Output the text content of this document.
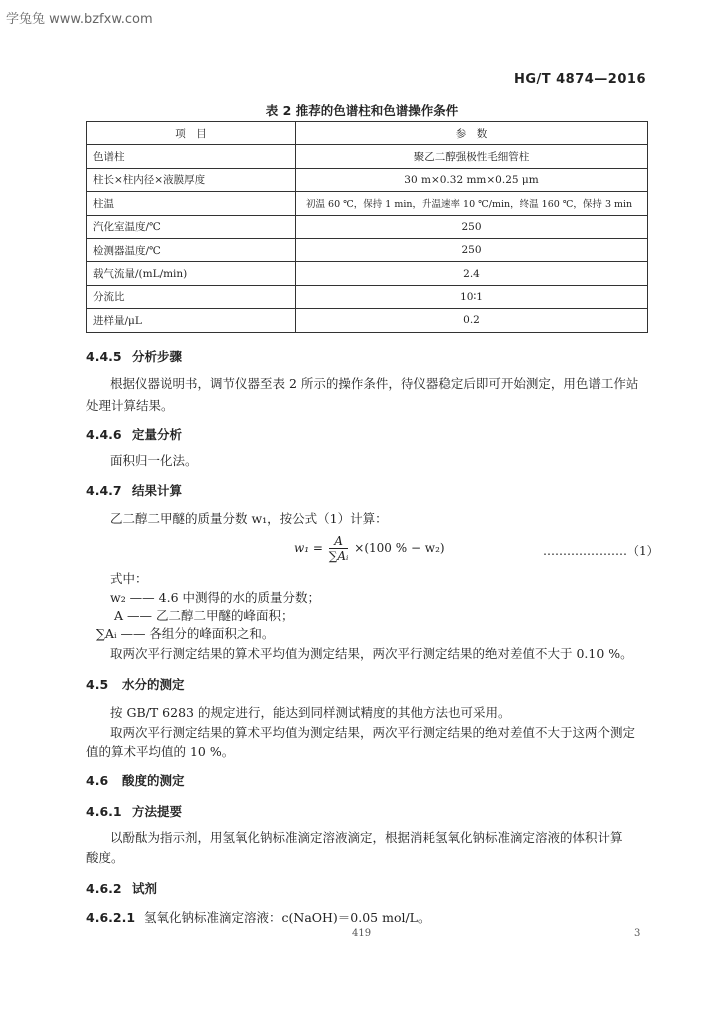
学兔兔 www.bzfxw.com
HG/T 4874—2016
表 2 推荐的色谱柱和色谱操作条件
项　目	参　数
色谱柱	聚乙二醇强极性毛细管柱
柱长×柱内径×液膜厚度	30 m×0.32 mm×0.25 μm
柱温	初温 60 ℃，保持 1 min，升温速率 10 ℃/min，终温 160 ℃，保持 3 min
汽化室温度/℃	250
检测器温度/℃	250
载气流量/(mL/min)	2.4
分流比	10∶1
进样量/μL	0.2
4.4.5 分析步骤
根据仪器说明书，调节仪器至表 2 所示的操作条件，待仪器稳定后即可开始测定，用色谱工作站
处理计算结果。
4.4.6 定量分析
面积归一化法。
4.4.7 结果计算
乙二醇二甲醚的质量分数 w₁，按公式（1）计算：
$w_1 = \frac{A}{\text{∑Aᵢ}} \times(100$ % − w₂)	…………………（1）
式中：
w₂ —— 4.6 中测得的水的质量分数；
A —— 乙二醇二甲醚的峰面积；
∑Aᵢ —— 各组分的峰面积之和。
取两次平行测定结果的算术平均值为测定结果，两次平行测定结果的绝对差值不大于 0.10 %。
4.5 水分的测定
按 GB/T 6283 的规定进行，能达到同样测试精度的其他方法也可采用。
取两次平行测定结果的算术平均值为测定结果，两次平行测定结果的绝对差值不大于这两个测定
值的算术平均值的 10 %。
4.6 酸度的测定
4.6.1 方法提要
以酚酞为指示剂，用氢氧化钠标准滴定溶液滴定，根据消耗氢氧化钠标准滴定溶液的体积计算
酸度。
4.6.2 试剂
4.6.2.1 氢氧化钠标准滴定溶液：c(NaOH)＝0.05 mol/L。
419	3
